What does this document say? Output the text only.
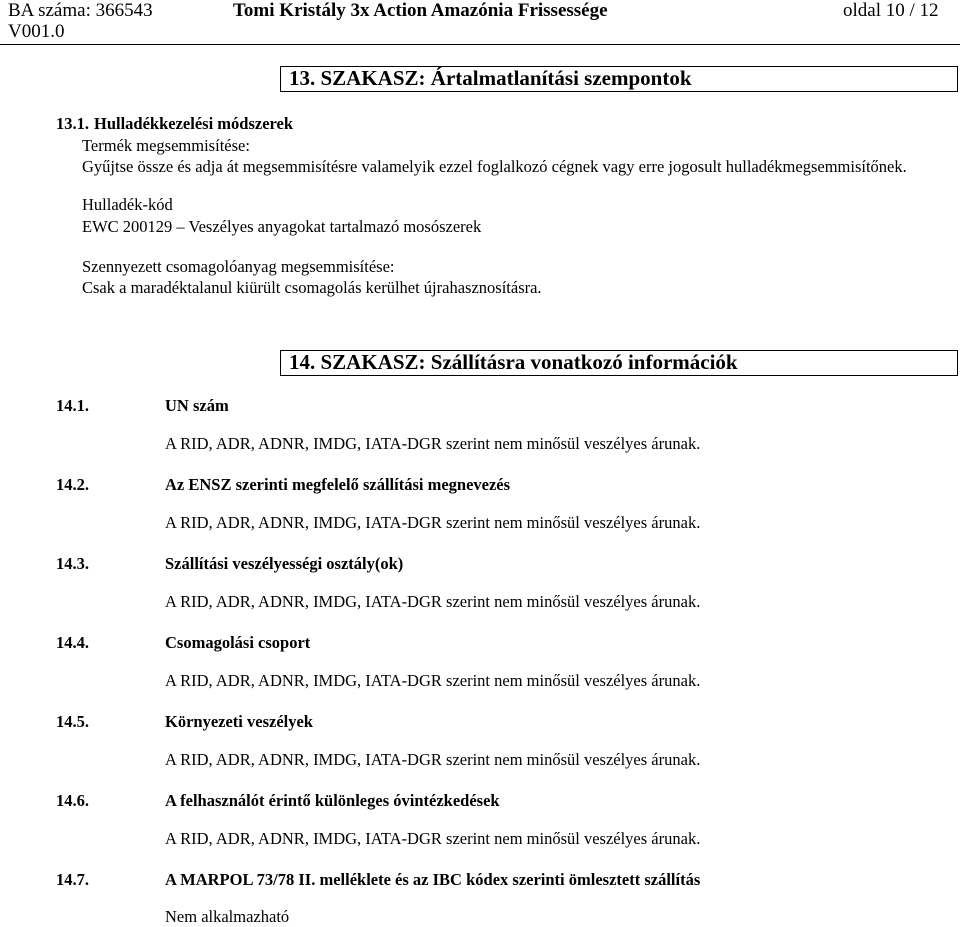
BA száma: 366543
V001.0
Tomi Kristály 3x Action Amazónia Frissessége	oldal 10 / 12
13. SZAKASZ: Ártalmatlanítási szempontok
13.1. Hulladékkezelési módszerek
Termék megsemmisítése:
Gyűjtse össze és adja át megsemmisítésre valamelyik ezzel foglalkozó cégnek vagy erre jogosult hulladékmegsemmisítőnek.
Hulladék-kód
EWC 200129 – Veszélyes anyagokat tartalmazó mosószerek
Szennyezett csomagolóanyag megsemmisítése:
Csak a maradéktalanul kiürült csomagolás kerülhet újrahasznosításra.
14. SZAKASZ: Szállításra vonatkozó információk
14.1.	UN szám
A RID, ADR, ADNR, IMDG, IATA-DGR szerint nem minősül veszélyes árunak.
14.2.	Az ENSZ szerinti megfelelő szállítási megnevezés
A RID, ADR, ADNR, IMDG, IATA-DGR szerint nem minősül veszélyes árunak.
14.3.	Szállítási veszélyességi osztály(ok)
A RID, ADR, ADNR, IMDG, IATA-DGR szerint nem minősül veszélyes árunak.
14.4.	Csomagolási csoport
A RID, ADR, ADNR, IMDG, IATA-DGR szerint nem minősül veszélyes árunak.
14.5.	Környezeti veszélyek
A RID, ADR, ADNR, IMDG, IATA-DGR szerint nem minősül veszélyes árunak.
14.6.	A felhasználót érintő különleges óvintézkedések
A RID, ADR, ADNR, IMDG, IATA-DGR szerint nem minősül veszélyes árunak.
14.7.	A MARPOL 73/78 II. melléklete és az IBC kódex szerinti ömlesztett szállítás
Nem alkalmazható
